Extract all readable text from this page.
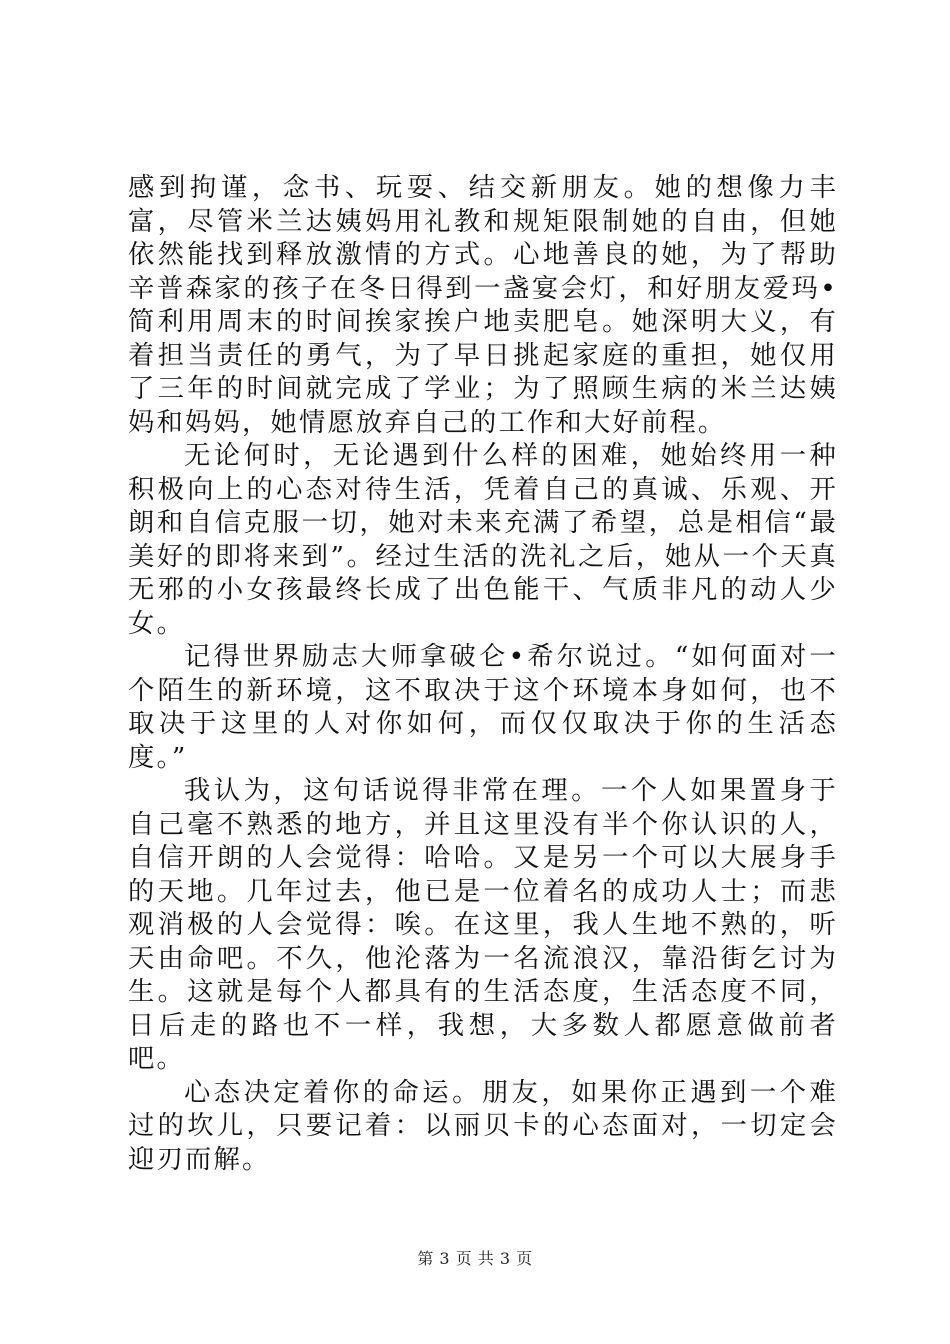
感到拘谨，念书、玩耍、结交新朋友。她的想像力丰富，尽管米兰达姨妈用礼教和规矩限制她的自由，但她依然能找到释放激情的方式。心地善良的她，为了帮助辛普森家的孩子在冬日得到一盏宴会灯，和好朋友爱玛•简利用周末的时间挨家挨户地卖肥皂。她深明大义，有着担当责任的勇气，为了早日挑起家庭的重担，她仅用了三年的时间就完成了学业；为了照顾生病的米兰达姨妈和妈妈，她情愿放弃自己的工作和大好前程。

无论何时，无论遇到什么样的困难，她始终用一种积极向上的心态对待生活，凭着自己的真诚、乐观、开朗和自信克服一切，她对未来充满了希望，总是相信“最美好的即将来到”。经过生活的洗礼之后，她从一个天真无邪的小女孩最终长成了出色能干、气质非凡的动人少女。

记得世界励志大师拿破仑•希尔说过。“如何面对一个陌生的新环境，这不取决于这个环境本身如何，也不取决于这里的人对你如何，而仅仅取决于你的生活态度。”

我认为，这句话说得非常在理。一个人如果置身于自己毫不熟悉的地方，并且这里没有半个你认识的人，自信开朗的人会觉得：哈哈。又是另一个可以大展身手的天地。几年过去，他已是一位着名的成功人士；而悲观消极的人会觉得：唉。在这里，我人生地不熟的，听天由命吧。不久，他沦落为一名流浪汉，靠沿街乞讨为生。这就是每个人都具有的生活态度，生活态度不同，日后走的路也不一样，我想，大多数人都愿意做前者吧。

心态决定着你的命运。朋友，如果你正遇到一个难过的坎儿，只要记着：以丽贝卡的心态面对，一切定会迎刃而解。

第 3 页 共 3 页
